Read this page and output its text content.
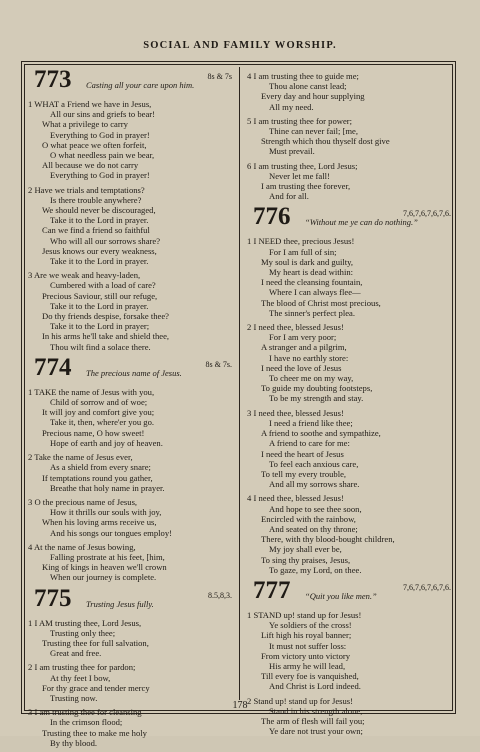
SOCIAL AND FAMILY WORSHIP.
773	8s & 7s
Casting all your care upon him.
1 WHAT a Friend we have in Jesus,
All our sins and griefs to bear!
What a privilege to carry
Everything to God in prayer!
O what peace we often forfeit,
O what needless pain we bear,
All because we do not carry
Everything to God in prayer!
2 Have we trials and temptations?
Is there trouble anywhere?
We should never be discouraged,
Take it to the Lord in prayer.
Can we find a friend so faithful
Who will all our sorrows share?
Jesus knows our every weakness,
Take it to the Lord in prayer.
3 Are we weak and heavy-laden,
Cumbered with a load of care?
Precious Saviour, still our refuge,
Take it to the Lord in prayer.
Do thy friends despise, forsake thee?
Take it to the Lord in prayer;
In his arms he'll take and shield thee,
Thou wilt find a solace there.
774	8s & 7s.
The precious name of Jesus.
1 TAKE the name of Jesus with you,
Child of sorrow and of woe;
It will joy and comfort give you;
Take it, then, where'er you go.
Precious name, O how sweet!
Hope of earth and joy of heaven.
2 Take the name of Jesus ever,
As a shield from every snare;
If temptations round you gather,
Breathe that holy name in prayer.
3 O the precious name of Jesus,
How it thrills our souls with joy,
When his loving arms receive us,
And his songs our tongues employ!
4 At the name of Jesus bowing,
Falling prostrate at his feet, [him,
King of kings in heaven we'll crown
When our journey is complete.
775	8.5,8,3.
Trusting Jesus fully.
1 I AM trusting thee, Lord Jesus,
Trusting only thee;
Trusting thee for full salvation,
Great and free.
2 I am trusting thee for pardon;
At thy feet I bow,
For thy grace and tender mercy
Trusting now.
3 I am trusting thee for cleansing
In the crimson flood;
Trusting thee to make me holy
By thy blood.
4 I am trusting thee to guide me;
Thou alone canst lead;
Every day and hour supplying
All my need.
5 I am trusting thee for power;
Thine can never fail; [me,
Strength which thou thyself dost give
Must prevail.
6 I am trusting thee, Lord Jesus;
Never let me fall!
I am trusting thee forever,
And for all.
776	7,6,7,6,7,6,7,6.
“Without me ye can do nothing.”
1 I NEED thee, precious Jesus!
For I am full of sin;
My soul is dark and guilty,
My heart is dead within:
I need the cleansing fountain,
Where I can always flee—
The blood of Christ most precious,
The sinner's perfect plea.
2 I need thee, blessed Jesus!
For I am very poor;
A stranger and a pilgrim,
I have no earthly store:
I need the love of Jesus
To cheer me on my way,
To guide my doubting footsteps,
To be my strength and stay.
3 I need thee, blessed Jesus!
I need a friend like thee;
A friend to soothe and sympathize,
A friend to care for me:
I need the heart of Jesus
To feel each anxious care,
To tell my every trouble,
And all my sorrows share.
4 I need thee, blessed Jesus!
And hope to see thee soon,
Encircled with the rainbow,
And seated on thy throne;
There, with thy blood-bought children,
My joy shall ever be,
To sing thy praises, Jesus,
To gaze, my Lord, on thee.
777	7,6,7,6,7,6,7,6.
“Quit you like men.”
1 STAND up! stand up for Jesus!
Ye soldiers of the cross!
Lift high his royal banner;
It must not suffer loss:
From victory unto victory
His army he will lead,
Till every foe is vanquished,
And Christ is Lord indeed.
2 Stand up! stand up for Jesus!
Stand in his strength alone;
The arm of flesh will fail you;
Ye dare not trust your own;
178
